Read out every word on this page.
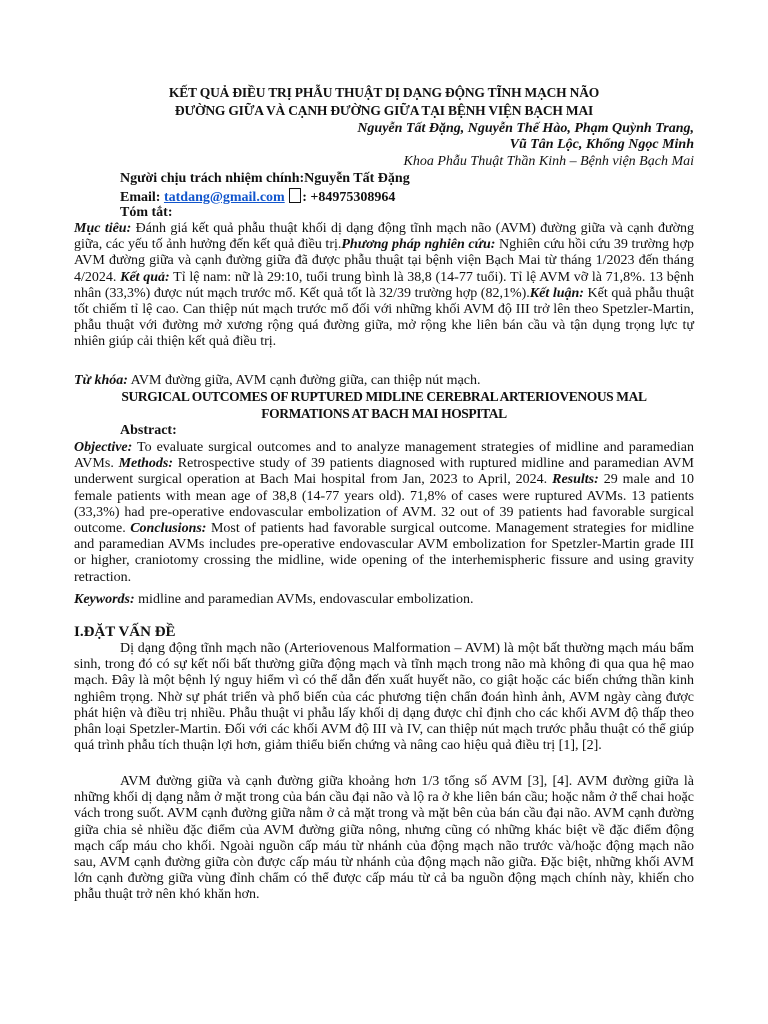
KẾT QUẢ ĐIỀU TRỊ PHẪU THUẬT DỊ DẠNG ĐỘNG TĨNH MẠCH NÃO
ĐƯỜNG GIỮA VÀ CẠNH ĐƯỜNG GIỮA TẠI BỆNH VIỆN BẠCH MAI
Nguyễn Tất Đặng, Nguyễn Thế Hào, Phạm Quỳnh Trang,
Vũ Tân Lộc, Khổng Ngọc Minh
Khoa Phẫu Thuật Thần Kinh – Bệnh viện Bạch Mai
Người chịu trách nhiệm chính:Nguyễn Tất Đặng
Email: tatdang@gmail.com : +84975308964
Tóm tắt:

Mục tiêu: Đánh giá kết quả phẫu thuật khối dị dạng động tĩnh mạch não (AVM) đường giữa và cạnh đường giữa, các yếu tố ảnh hưởng đến kết quả điều trị.Phương pháp nghiên cứu: Nghiên cứu hồi cứu 39 trường hợp AVM đường giữa và cạnh đường giữa đã được phẫu thuật tại bệnh viện Bạch Mai từ tháng 1/2023 đến tháng 4/2024. Kết quả: Tỉ lệ nam: nữ là 29:10, tuổi trung bình là 38,8 (14-77 tuổi). Tỉ lệ AVM vỡ là 71,8%. 13 bệnh nhân (33,3%) được nút mạch trước mổ. Kết quả tốt là 32/39 trường hợp (82,1%).Kết luận: Kết quả phẫu thuật tốt chiếm tỉ lệ cao. Can thiệp nút mạch trước mổ đối với những khối AVM độ III trở lên theo Spetzler-Martin, phẫu thuật với đường mở xương rộng quá đường giữa, mở rộng khe liên bán cầu và tận dụng trọng lực tự nhiên giúp cải thiện kết quả điều trị.

Từ khóa: AVM đường giữa, AVM cạnh đường giữa, can thiệp nút mạch.

SURGICAL OUTCOMES OF RUPTURED MIDLINE CEREBRAL ARTERIOVENOUS MAL
FORMATIONS AT BACH MAI HOSPITAL
Abstract:

Objective: To evaluate surgical outcomes and to analyze management strategies of midline and paramedian AVMs. Methods: Retrospective study of 39 patients diagnosed with ruptured midline and paramedian AVM underwent surgical operation at Bach Mai hospital from Jan, 2023 to April, 2024. Results: 29 male and 10 female patients with mean age of 38,8 (14-77 years old). 71,8% of cases were ruptured AVMs. 13 patients (33,3%) had pre-operative endovascular embolization of AVM. 32 out of 39 patients had favorable surgical outcome. Conclusions: Most of patients had favorable surgical outcome. Management strategies for midline and paramedian AVMs includes pre-operative endovascular AVM embolization for Spetzler-Martin grade III or higher, craniotomy crossing the midline, wide opening of the interhemispheric fissure and using gravity retraction.

Keywords: midline and paramedian AVMs, endovascular embolization.

I.ĐẶT VẤN ĐỀ

Dị dạng động tĩnh mạch não (Arteriovenous Malformation – AVM) là một bất thường mạch máu bẩm sinh, trong đó có sự kết nối bất thường giữa động mạch và tĩnh mạch trong não mà không đi qua qua hệ mao mạch. Đây là một bệnh lý nguy hiểm vì có thể dẫn đến xuất huyết não, co giật hoặc các biến chứng thần kinh nghiêm trọng. Nhờ sự phát triển và phổ biến của các phương tiện chẩn đoán hình ảnh, AVM ngày càng được phát hiện và điều trị nhiều. Phẫu thuật vi phẫu lấy khối dị dạng được chỉ định cho các khối AVM độ thấp theo phân loại Spetzler-Martin. Đối với các khối AVM độ III và IV, can thiệp nút mạch trước phẫu thuật có thể giúp quá trình phẫu tích thuận lợi hơn, giảm thiểu biến chứng và nâng cao hiệu quả điều trị [1], [2].

AVM đường giữa và cạnh đường giữa khoảng hơn 1/3 tổng số AVM [3], [4]. AVM đường giữa là những khối dị dạng nằm ở mặt trong của bán cầu đại não và lộ ra ở khe liên bán cầu; hoặc nằm ở thể chai hoặc vách trong suốt. AVM cạnh đường giữa nằm ở cả mặt trong và mặt bên của bán cầu đại não. AVM cạnh đường giữa chia sẻ nhiều đặc điểm của AVM đường giữa nông, nhưng cũng có những khác biệt về đặc điểm động mạch cấp máu cho khối. Ngoài nguồn cấp máu từ nhánh của động mạch não trước và/hoặc động mạch não sau, AVM cạnh đường giữa còn được cấp máu từ nhánh của động mạch não giữa. Đặc biệt, những khối AVM lớn cạnh đường giữa vùng đỉnh chẩm có thể được cấp máu từ cả ba nguồn động mạch chính này, khiến cho phẫu thuật trở nên khó khăn hơn.
